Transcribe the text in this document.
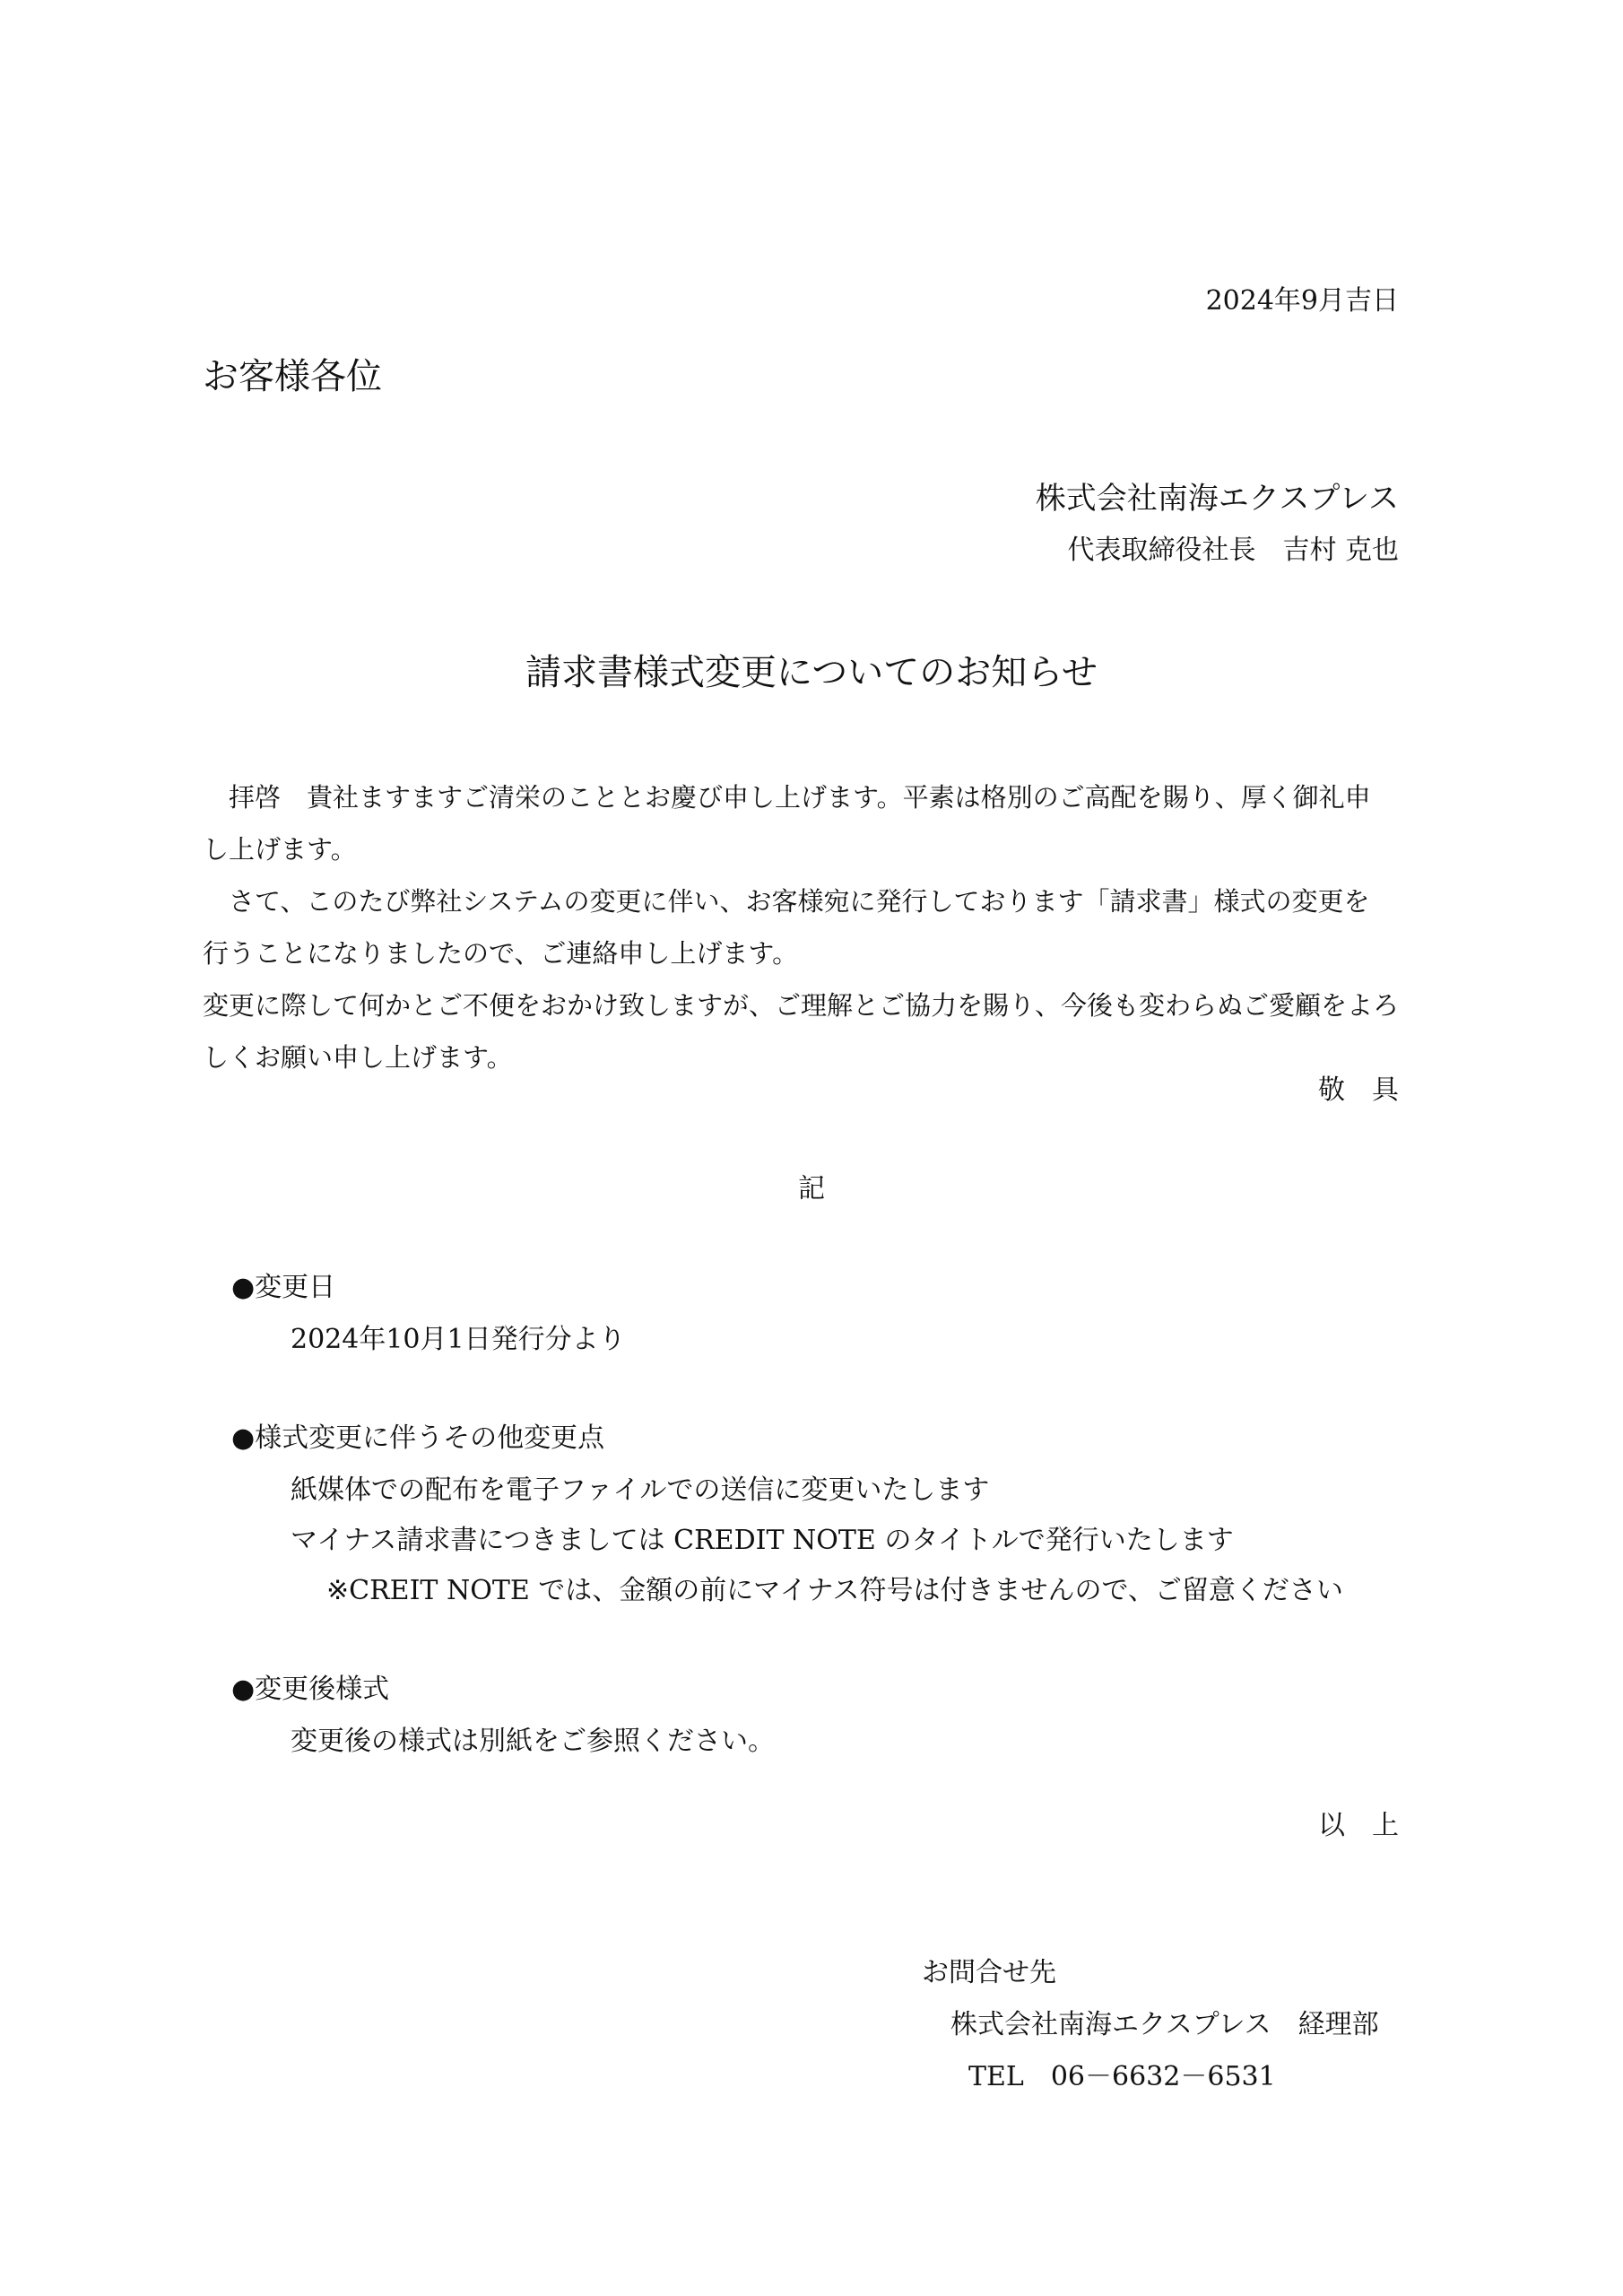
2024年9月吉日
お客様各位
株式会社南海エクスプレス
代表取締役社長　吉村 克也
請求書様式変更についてのお知らせ

　拝啓　貴社ますますご清栄のこととお慶び申し上げます。平素は格別のご高配を賜り、厚く御礼申

し上げます。

　さて、このたび弊社システムの変更に伴い、お客様宛に発行しております「請求書」様式の変更を

行うことになりましたので、ご連絡申し上げます。

変更に際して何かとご不便をおかけ致しますが、ご理解とご協力を賜り、今後も変わらぬご愛顧をよろ

しくお願い申し上げます。

敬　具
記
●変更日
2024年10月1日発行分より
●様式変更に伴うその他変更点
紙媒体での配布を電子ファイルでの送信に変更いたします
マイナス請求書につきましては CREDIT NOTE のタイトルで発行いたします
※CREIT NOTE では、金額の前にマイナス符号は付きませんので、ご留意ください
●変更後様式
変更後の様式は別紙をご参照ください。
以　上
お問合せ先
株式会社南海エクスプレス　経理部
TEL　06－6632－6531
